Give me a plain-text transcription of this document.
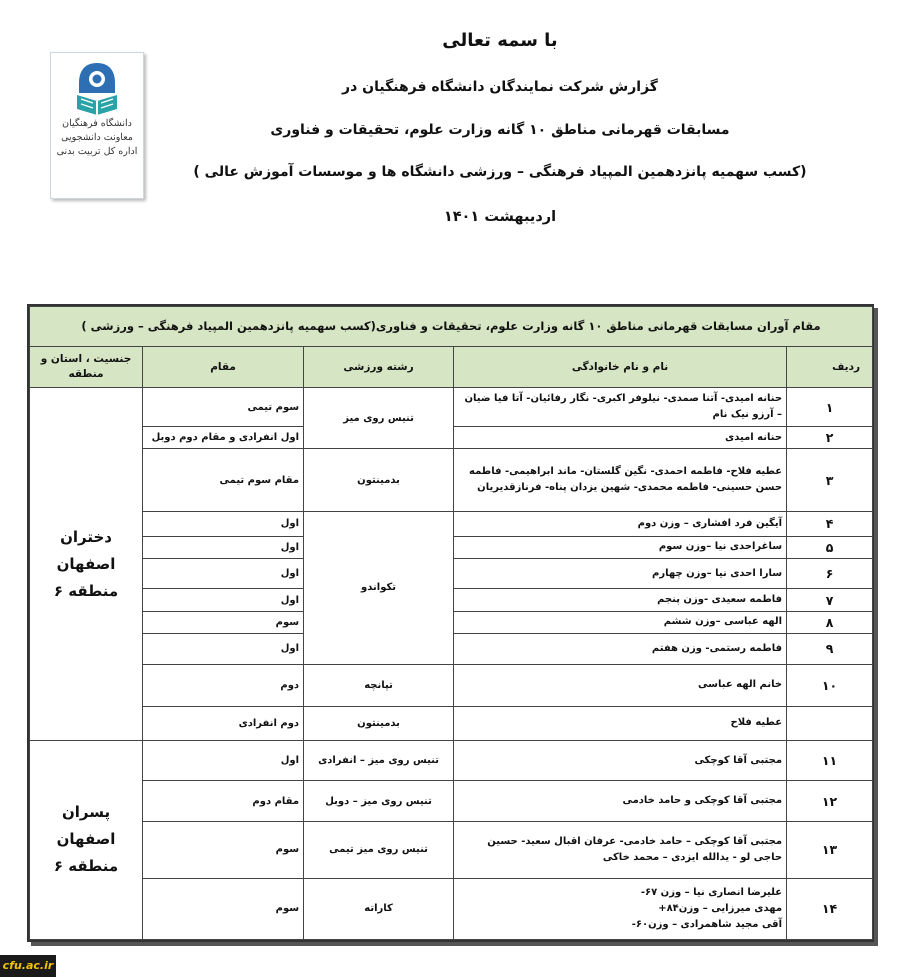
دانشگاه فرهنگیان
معاونت دانشجویی
اداره کل تربیت بدنی
با سمه تعالی
گزارش شرکت نمایندگان دانشگاه فرهنگیان در
مسابقات قهرمانی مناطق ۱۰ گانه وزارت علوم، تحقیقات و فناوری
(کسب سهمیه پانزدهمین المپیاد فرهنگی – ورزشی دانشگاه ها و موسسات آموزش عالی )
اردیبهشت ۱۴۰۱
مقام آوران مسابقات قهرمانی مناطق ۱۰ گانه وزارت علوم، تحقیقات و فناوری(کسب سهمیه پانزدهمین المپیاد فرهنگی – ورزشی )				
ردیف	نام و نام خانوادگی	رشته ورزشی	مقام	جنسیت ، استان و
منطقه
۱	حنانه امیدی- آتنا صمدی- نیلوفر اکبری- نگار رفائیان- آتا فیا ضیان – آرزو نیک نام	تنیس روی میز	سوم تیمی	دختران
اصفهان
منطقه ۶
۲	حنانه امیدی		اول انفرادی و مقام دوم دوبل	
۳	عطیه فلاح- فاطمه احمدی- نگین گلستان- ماند ابراهیمی- فاطمه حسن حسینی- فاطمه محمدی- شهین یزدان پناه- فرنازقدیریان	بدمینتون	مقام سوم تیمی	
۴	آیگین فرد افشاری – وزن دوم	تکواندو	اول	
۵	ساغراحدی نیا –وزن سوم		اول	
۶	سارا احدی نیا –وزن چهارم		اول	
۷	فاطمه سعیدی -وزن پنجم		اول	
۸	الهه عباسی –وزن ششم		سوم	
۹	فاطمه رستمی- وزن هفتم		اول	
۱۰	خانم الهه عباسی	تپانچه	دوم	
	عطیه فلاح	بدمینتون	دوم انفرادی	
۱۱	مجتبی آقا کوچکی	تنیس روی میز – انفرادی	اول	پسران
اصفهان
منطقه ۶
۱۲	مجتبی آقا کوچکی و حامد خادمی	تنیس روی میز – دوبل	مقام دوم	
۱۳	مجتبی آقا کوچکی – حامد خادمی- عرفان اقبال سعید- حسین حاجی لو - یدالله ایزدی – محمد خاکی	تنیس روی میز تیمی	سوم	
۱۴	علیرضا انصاری نیا – وزن ۶۷-
مهدی میرزایی – وزن۸۴+
آقی مجید شاهمرادی – وزن۶۰-	کاراته	سوم	
cfu.ac.ir
